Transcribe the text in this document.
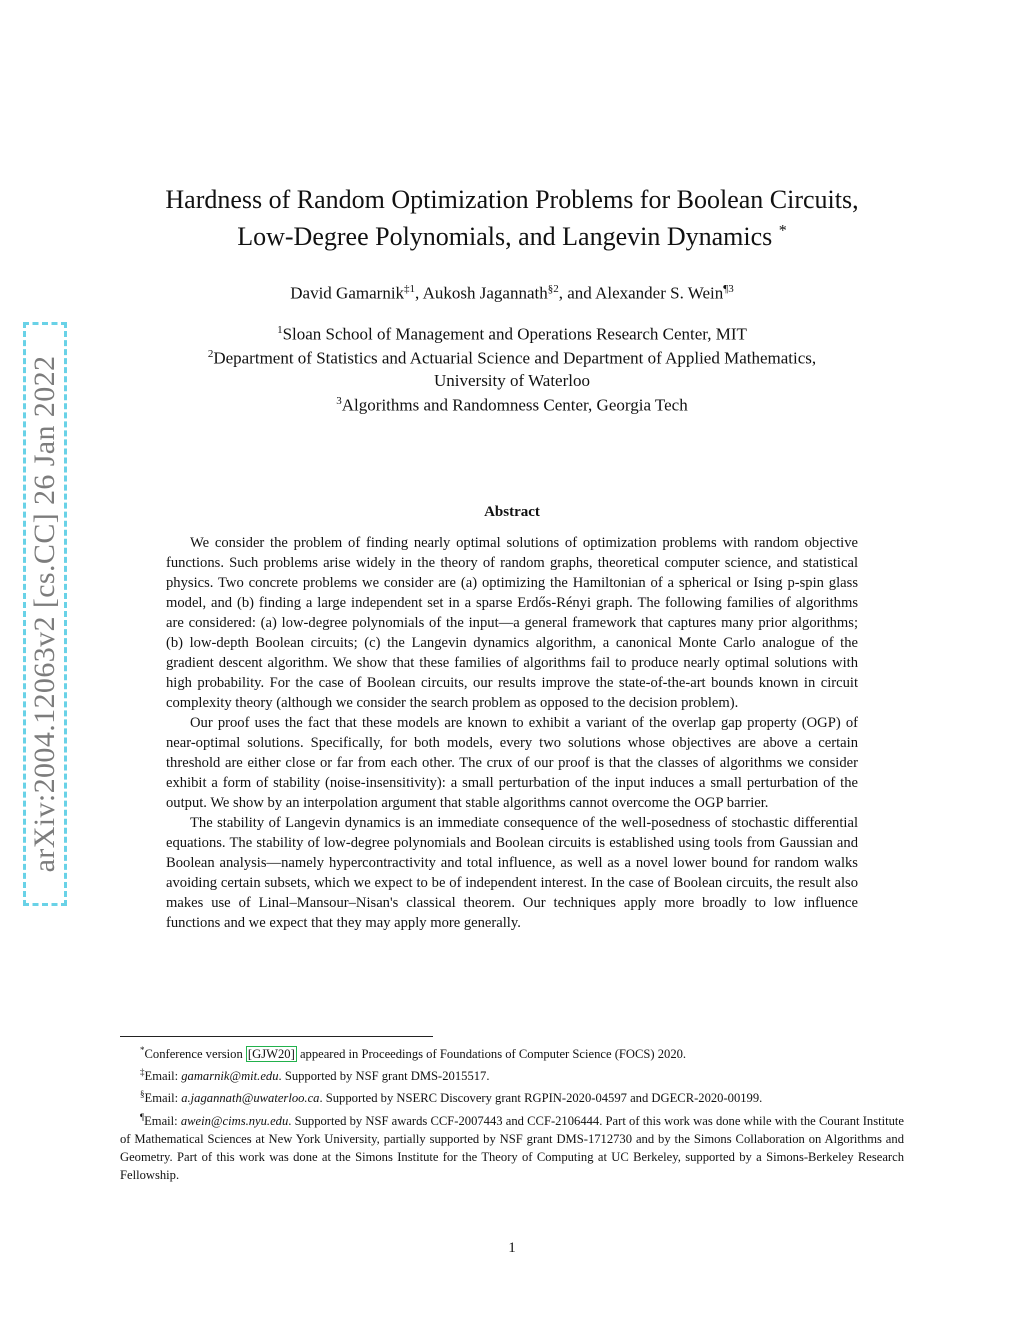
arXiv:2004.12063v2 [cs.CC] 26 Jan 2022
Hardness of Random Optimization Problems for Boolean Circuits,
Low-Degree Polynomials, and Langevin Dynamics *
David Gamarnik$^{\ddagger 1}$, Aukosh Jagannath$^{\S 2}$, and Alexander S. Wein$^{\P 3}$
$^1$Sloan School of Management and Operations Research Center, MIT
$^2$Department of Statistics and Actuarial Science and Department of Applied Mathematics,
University of Waterloo
$^3$Algorithms and Randomness Center, Georgia Tech
Abstract

We consider the problem of finding nearly optimal solutions of optimization problems with random objective functions. Such problems arise widely in the theory of random graphs, theoretical computer science, and statistical physics. Two concrete problems we consider are (a) optimizing the Hamiltonian of a spherical or Ising p-spin glass model, and (b) finding a large independent set in a sparse Erdős-Rényi graph. The following families of algorithms are considered: (a) low-degree polynomials of the input—a general framework that captures many prior algorithms; (b) low-depth Boolean circuits; (c) the Langevin dynamics algorithm, a canonical Monte Carlo analogue of the gradient descent algorithm. We show that these families of algorithms fail to produce nearly optimal solutions with high probability. For the case of Boolean circuits, our results improve the state-of-the-art bounds known in circuit complexity theory (although we consider the search problem as opposed to the decision problem).

Our proof uses the fact that these models are known to exhibit a variant of the overlap gap property (OGP) of near-optimal solutions. Specifically, for both models, every two solutions whose objectives are above a certain threshold are either close or far from each other. The crux of our proof is that the classes of algorithms we consider exhibit a form of stability (noise-insensitivity): a small perturbation of the input induces a small perturbation of the output. We show by an interpolation argument that stable algorithms cannot overcome the OGP barrier.

The stability of Langevin dynamics is an immediate consequence of the well-posedness of stochastic differential equations. The stability of low-degree polynomials and Boolean circuits is established using tools from Gaussian and Boolean analysis—namely hypercontractivity and total influence, as well as a novel lower bound for random walks avoiding certain subsets, which we expect to be of independent interest. In the case of Boolean circuits, the result also makes use of Linal–Mansour–Nisan's classical theorem. Our techniques apply more broadly to low influence functions and we expect that they may apply more generally.

*Conference version [GJW20] appeared in Proceedings of Foundations of Computer Science (FOCS) 2020.

‡Email: gamarnik@mit.edu. Supported by NSF grant DMS-2015517.

§Email: a.jagannath@uwaterloo.ca. Supported by NSERC Discovery grant RGPIN-2020-04597 and DGECR-2020-00199.

¶Email: awein@cims.nyu.edu. Supported by NSF awards CCF-2007443 and CCF-2106444. Part of this work was done while with the Courant Institute of Mathematical Sciences at New York University, partially supported by NSF grant DMS-1712730 and by the Simons Collaboration on Algorithms and Geometry. Part of this work was done at the Simons Institute for the Theory of Computing at UC Berkeley, supported by a Simons-Berkeley Research Fellowship.

1
